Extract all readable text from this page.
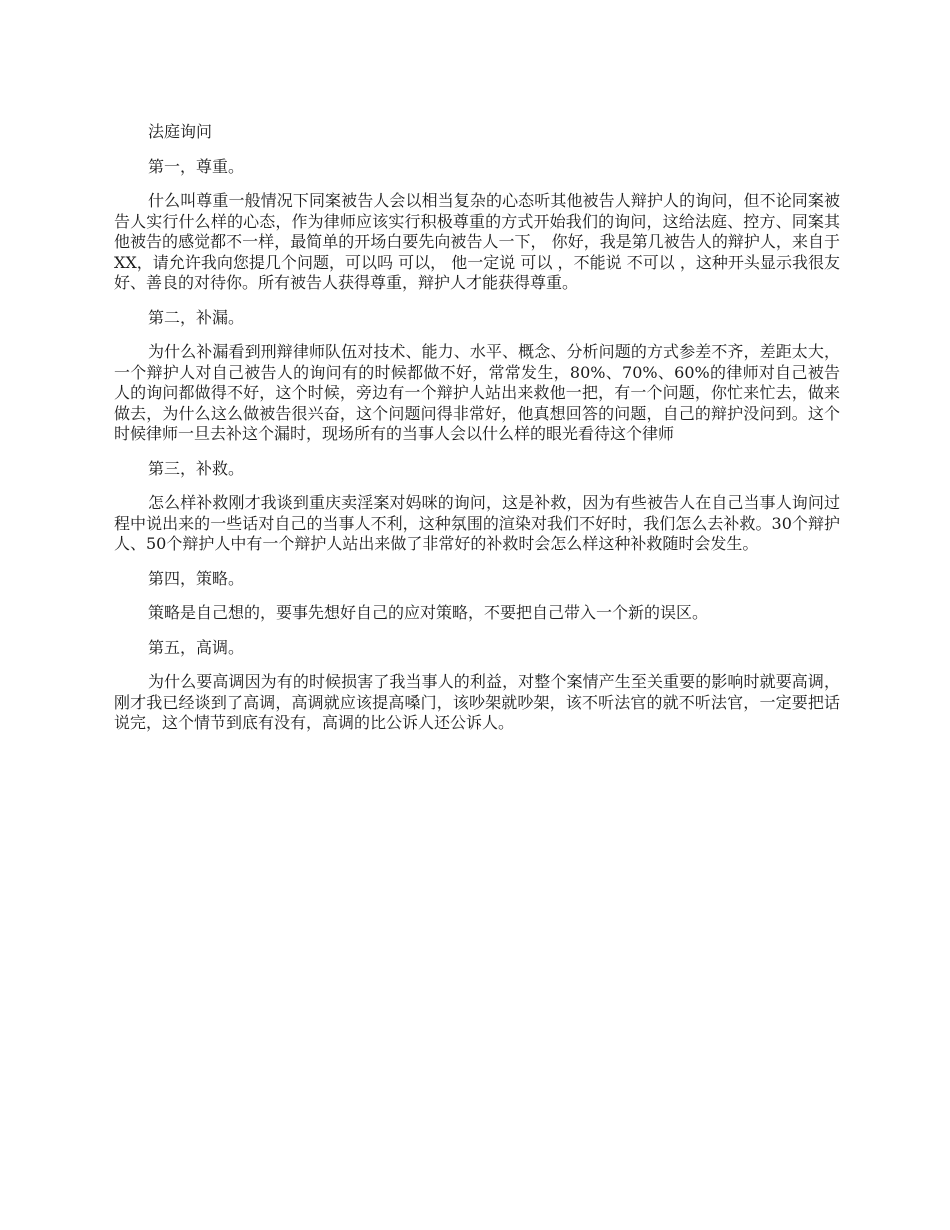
法庭询问

第一，尊重。

什么叫尊重一般情况下同案被告人会以相当复杂的心态听其他被告人辩护人的询问，但不论同案被告人实行什么样的心态，作为律师应该实行积极尊重的方式开始我们的询问，这给法庭、控方、同案其他被告的感觉都不一样，最简单的开场白要先向被告人一下， 你好，我是第几被告人的辩护人，来自于XX，请允许我向您提几个问题，可以吗 可以， 他一定说 可以 ，不能说 不可以 ，这种开头显示我很友好、善良的对待你。所有被告人获得尊重，辩护人才能获得尊重。

第二，补漏。

为什么补漏看到刑辩律师队伍对技术、能力、水平、概念、分析问题的方式参差不齐，差距太大，一个辩护人对自己被告人的询问有的时候都做不好，常常发生，80%、70%、60%的律师对自己被告人的询问都做得不好，这个时候，旁边有一个辩护人站出来救他一把，有一个问题，你忙来忙去，做来做去，为什么这么做被告很兴奋，这个问题问得非常好，他真想回答的问题，自己的辩护没问到。这个时候律师一旦去补这个漏时，现场所有的当事人会以什么样的眼光看待这个律师

第三，补救。

怎么样补救刚才我谈到重庆卖淫案对妈咪的询问，这是补救，因为有些被告人在自己当事人询问过程中说出来的一些话对自己的当事人不利，这种氛围的渲染对我们不好时，我们怎么去补救。30个辩护人、50个辩护人中有一个辩护人站出来做了非常好的补救时会怎么样这种补救随时会发生。

第四，策略。

策略是自己想的，要事先想好自己的应对策略，不要把自己带入一个新的误区。

第五，高调。

为什么要高调因为有的时候损害了我当事人的利益，对整个案情产生至关重要的影响时就要高调，刚才我已经谈到了高调，高调就应该提高嗓门，该吵架就吵架，该不听法官的就不听法官，一定要把话说完，这个情节到底有没有，高调的比公诉人还公诉人。
